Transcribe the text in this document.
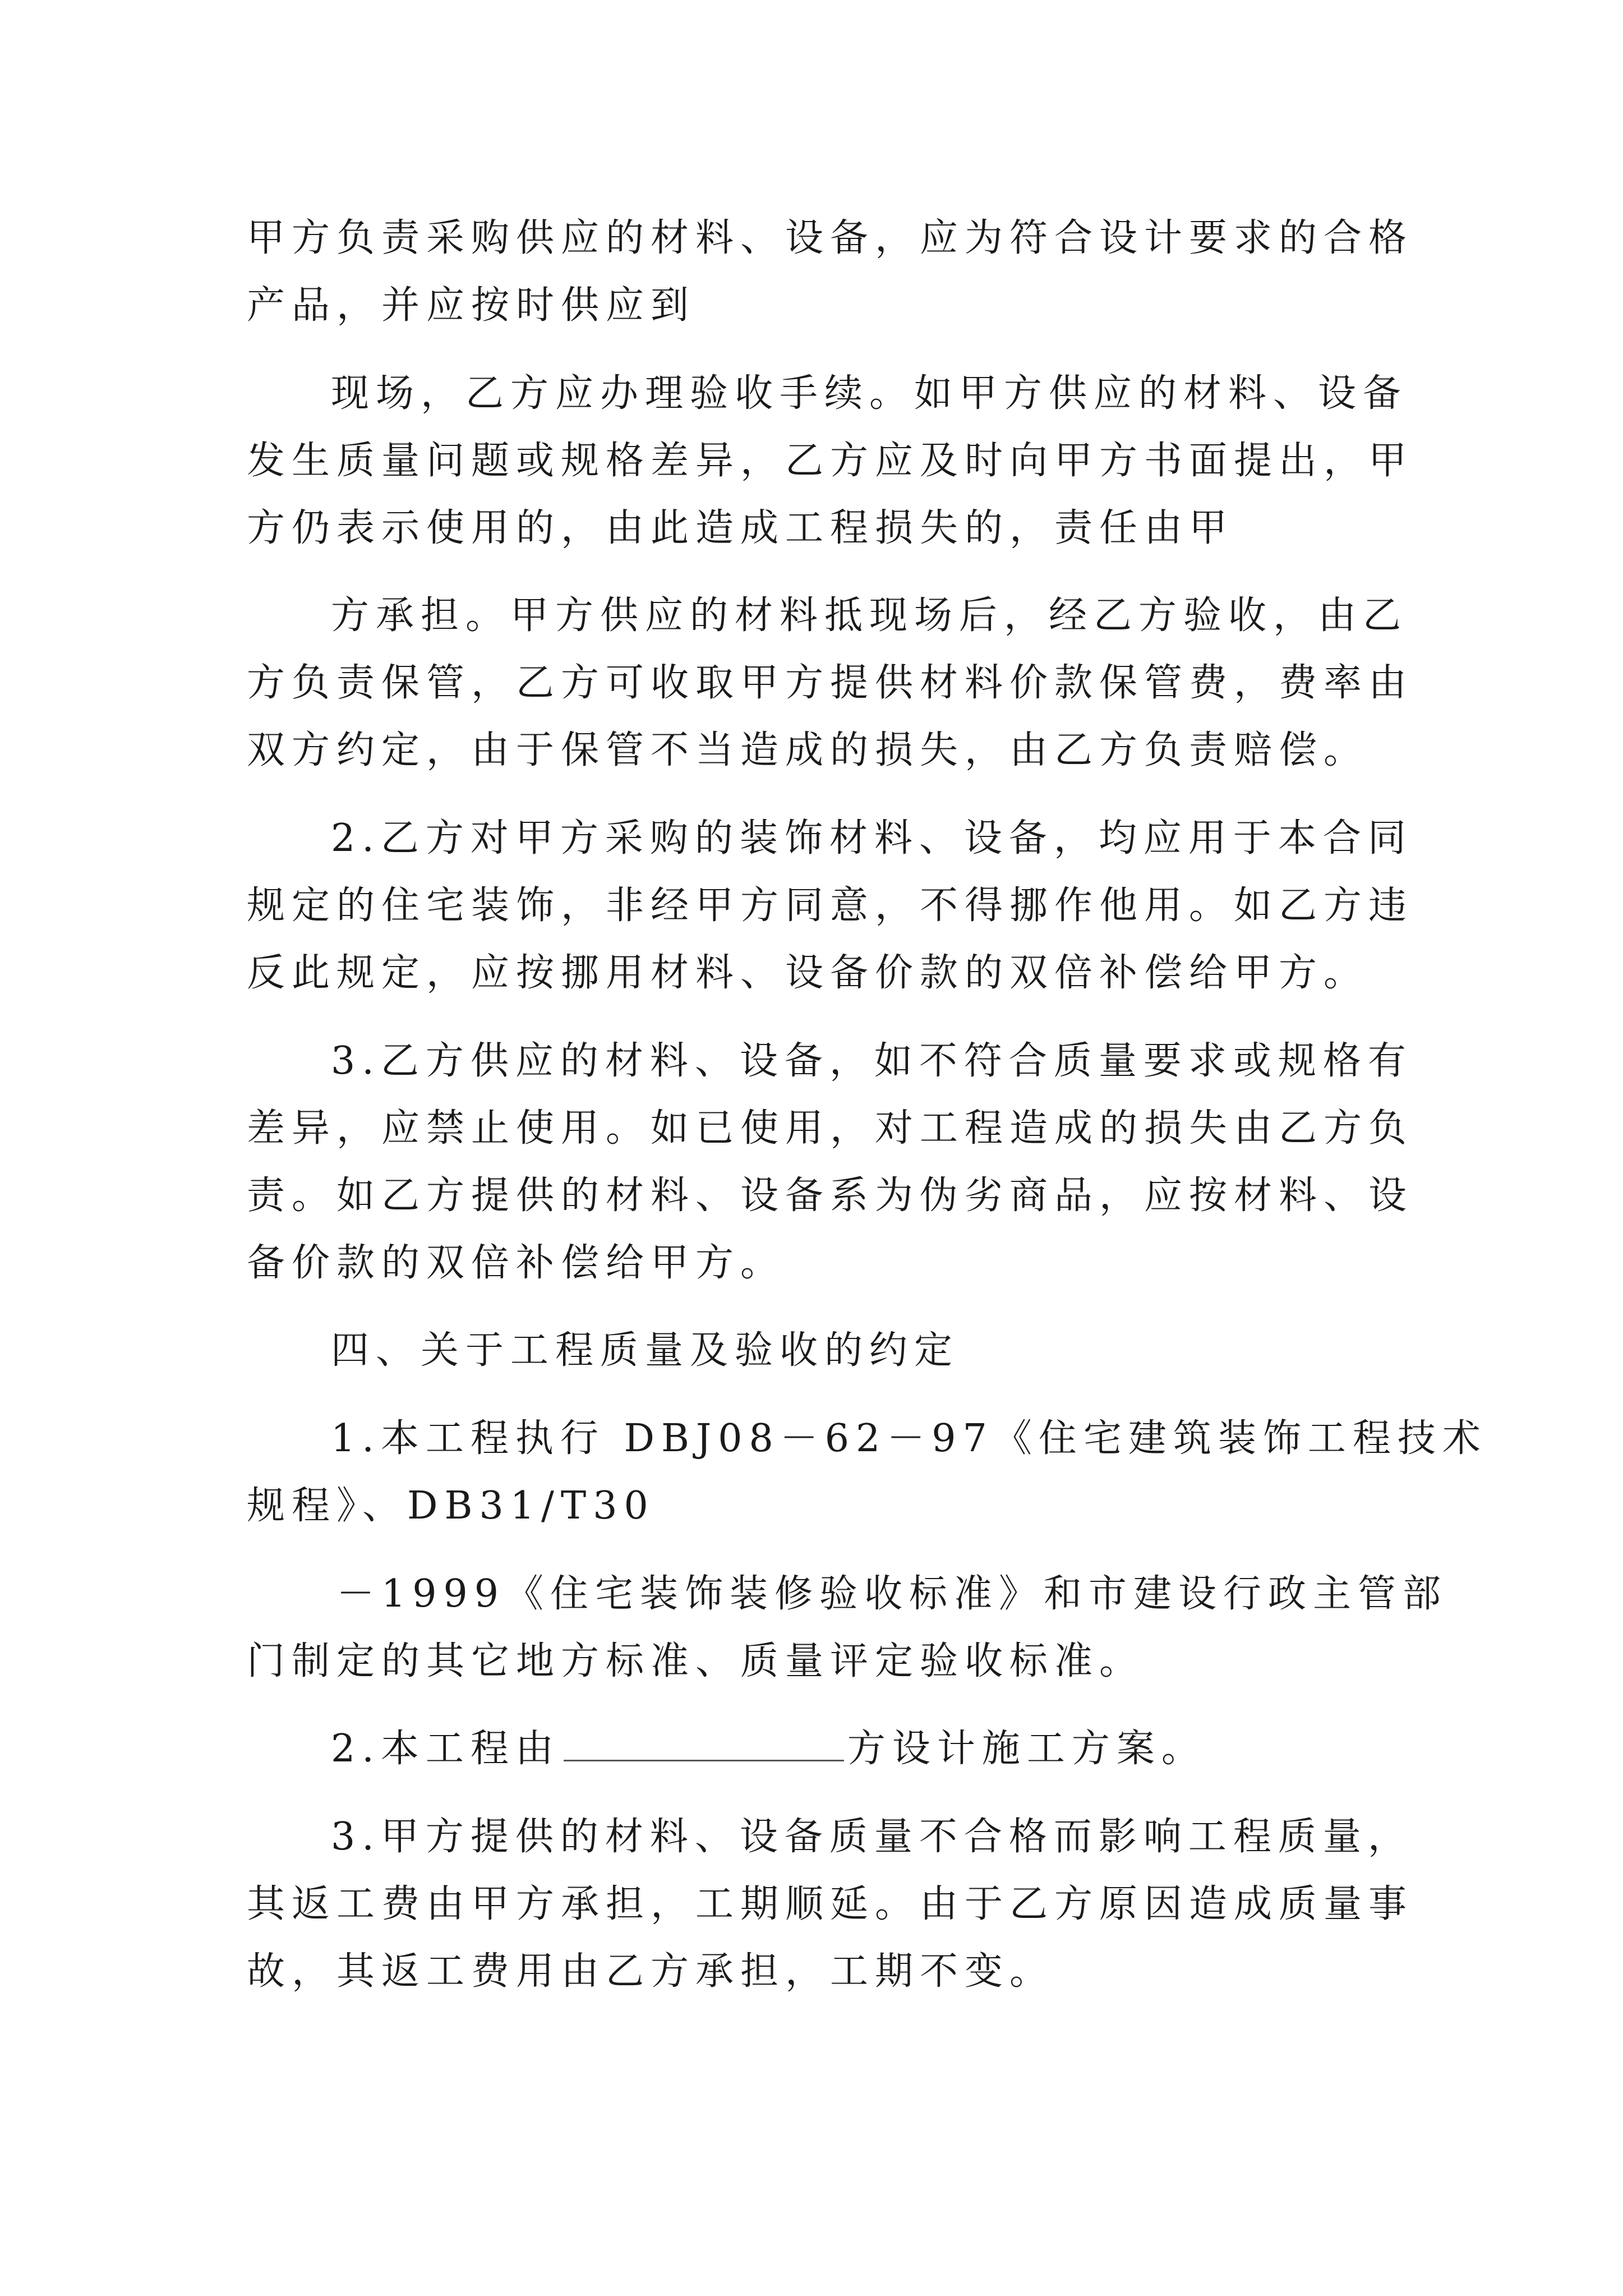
甲方负责采购供应的材料、设备，应为符合设计要求的合格
产品，并应按时供应到
现场，乙方应办理验收手续。如甲方供应的材料、设备
发生质量问题或规格差异，乙方应及时向甲方书面提出，甲
方仍表示使用的，由此造成工程损失的，责任由甲
方承担。甲方供应的材料抵现场后，经乙方验收，由乙
方负责保管，乙方可收取甲方提供材料价款保管费，费率由
双方约定，由于保管不当造成的损失，由乙方负责赔偿。
2.乙方对甲方采购的装饰材料、设备，均应用于本合同
规定的住宅装饰，非经甲方同意，不得挪作他用。如乙方违
反此规定，应按挪用材料、设备价款的双倍补偿给甲方。
3.乙方供应的材料、设备，如不符合质量要求或规格有
差异，应禁止使用。如已使用，对工程造成的损失由乙方负
责。如乙方提供的材料、设备系为伪劣商品，应按材料、设
备价款的双倍补偿给甲方。
四、关于工程质量及验收的约定
1.本工程执行 DBJ08－62－97《住宅建筑装饰工程技术
规程》、DB31/T30
－1999《住宅装饰装修验收标准》和市建设行政主管部
门制定的其它地方标准、质量评定验收标准。
2.本工程由	方设计施工方案。
3.甲方提供的材料、设备质量不合格而影响工程质量，
其返工费由甲方承担，工期顺延。由于乙方原因造成质量事
故，其返工费用由乙方承担，工期不变。
